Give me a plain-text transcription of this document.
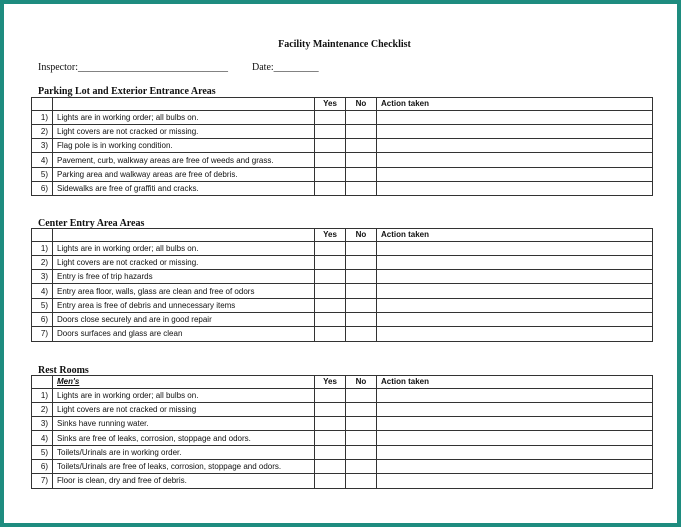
Facility Maintenance Checklist
Inspector:______________________________ Date:_________
Parking Lot and Exterior Entrance Areas
		Yes	No	Action taken
1)	Lights are in working order; all bulbs on.			
2)	Light covers are not cracked or missing.			
3)	Flag pole is in working condition.			
4)	Pavement, curb, walkway areas are free of weeds and grass.			
5)	Parking area and walkway areas are free of debris.			
6)	Sidewalks are free of graffiti and cracks.			
Center Entry Area Areas
		Yes	No	Action taken
1)	Lights are in working order; all bulbs on.			
2)	Light covers are not cracked or missing.			
3)	Entry is free of trip hazards			
4)	Entry area floor, walls, glass are clean and free of odors			
5)	Entry area is free of debris and unnecessary items			
6)	Doors close securely and are in good repair			
7)	Doors surfaces and glass are clean			
Rest Rooms
	Men's	Yes	No	Action taken
1)	Lights are in working order; all bulbs on.			
2)	Light covers are not cracked or missing			
3)	Sinks have running water.			
4)	Sinks are free of leaks, corrosion, stoppage and odors.			
5)	Toilets/Urinals are in working order.			
6)	Toilets/Urinals are free of leaks, corrosion, stoppage and odors.			
7)	Floor is clean, dry and free of debris.			
